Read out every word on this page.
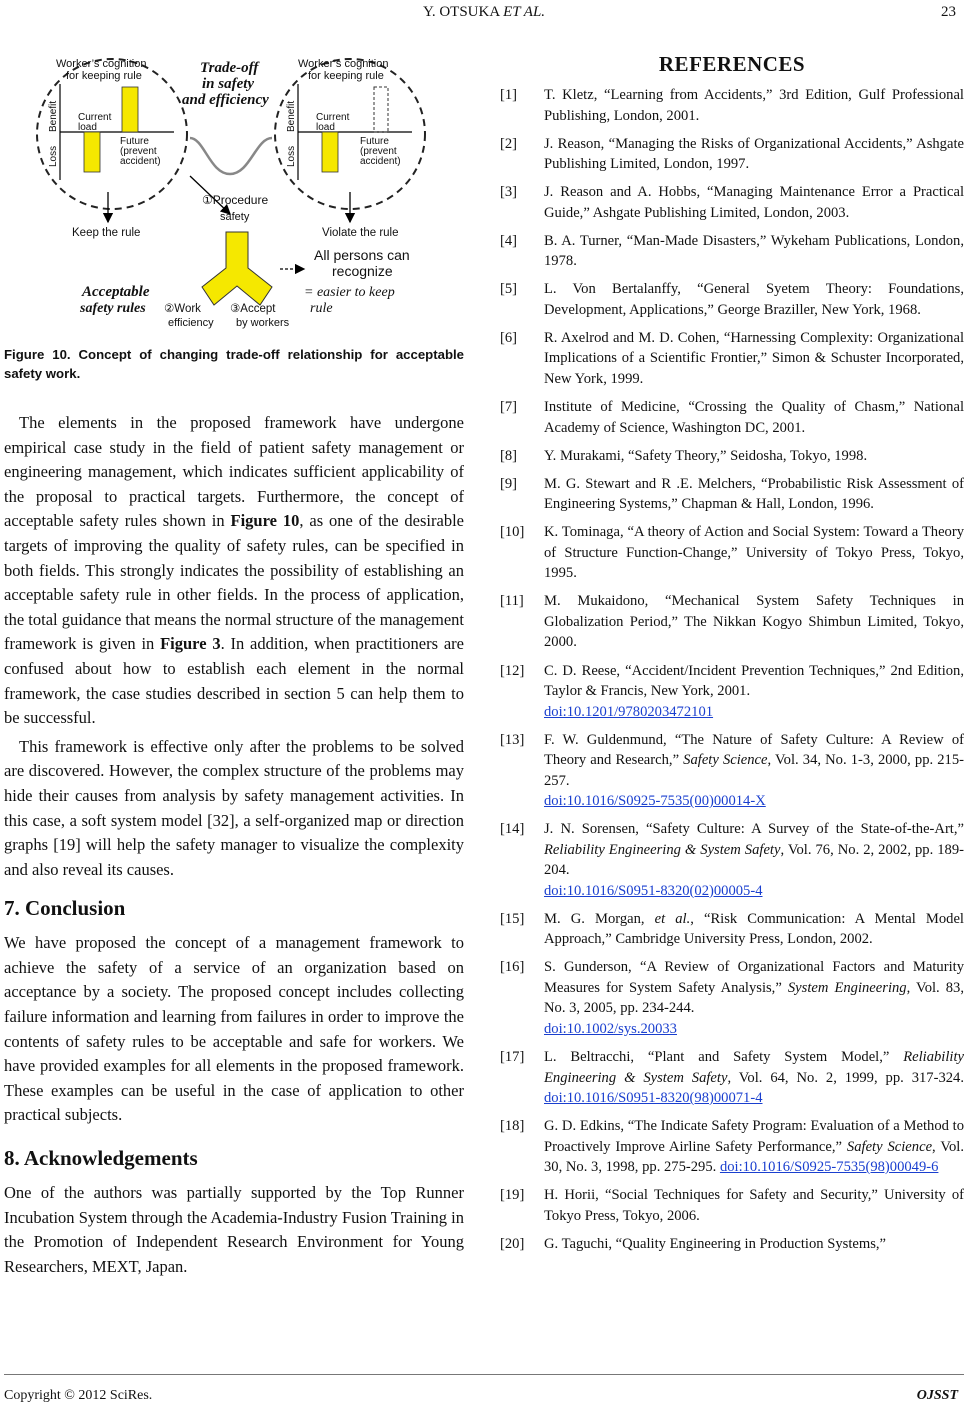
Y. OTSUKA ET AL.	23
Worker’s cognition
for keeping rule
Worker’s cognition
for keeping rule
Benefit
Loss
Benefit
Loss
Current
load
Future
(prevent
accident)
Current
load
Future
(prevent
accident)
Keep the rule	Violate the rule
①Procedure
safety
②Work
efficiency
③Accept
by workers
All persons can
recognize
Trade-off
in safety
and efficiency
Acceptable
safety rules
= easier to keep
rule
Figure 10. Concept of changing trade-off relationship for acceptable safety work.

The elements in the proposed framework have undergone empirical case study in the field of patient safety management or engineering management, which indicates sufficient applicability of the proposal to practical targets. Furthermore, the concept of acceptable safety rules shown in Figure 10, as one of the desirable targets of improving the quality of safety rules, can be specified in both fields. This strongly indicates the possibility of establishing an acceptable safety rule in other fields. In the process of application, the total guidance that means the normal structure of the management framework is given in Figure 3. In addition, when practitioners are confused about how to establish each element in the normal framework, the case studies described in section 5 can help them to be successful.

This framework is effective only after the problems to be solved are discovered. However, the complex structure of the problems may hide their causes from analysis by safety management activities. In this case, a soft system model [32], a self-organized map or direction graphs [19] will help the safety manager to visualize the complexity and also reveal its causes.

7. Conclusion

We have proposed the concept of a management framework to achieve the safety of a service of an organization based on acceptance by a society. The proposed concept includes collecting failure information and learning from failures in order to improve the contents of safety rules to be acceptable and safe for workers. We have provided examples for all elements in the proposed framework. These examples can be useful in the case of application to other practical subjects.

8. Acknowledgements

One of the authors was partially supported by the Top Runner Incubation System through the Academia-Industry Fusion Training in the Promotion of Independent Research Environment for Young Researchers, MEXT, Japan.

REFERENCES
[1] T. Kletz, “Learning from Accidents,” 3rd Edition, Gulf Professional Publishing, London, 2001.
[2] J. Reason, “Managing the Risks of Organizational Accidents,” Ashgate Publishing Limited, London, 1997.
[3] J. Reason and A. Hobbs, “Managing Maintenance Error a Practical Guide,” Ashgate Publishing Limited, London, 2003.
[4] B. A. Turner, “Man-Made Disasters,” Wykeham Publications, London, 1978.
[5] L. Von Bertalanffy, “General Syetem Theory: Foundations, Development, Applications,” George Braziller, New York, 1968.
[6] R. Axelrod and M. D. Cohen, “Harnessing Complexity: Organizational Implications of a Scientific Frontier,” Simon & Schuster Incorporated, New York, 1999.
[7] Institute of Medicine, “Crossing the Quality of Chasm,” National Academy of Science, Washington DC, 2001.
[8] Y. Murakami, “Safety Theory,” Seidosha, Tokyo, 1998.
[9] M. G. Stewart and R .E. Melchers, “Probabilistic Risk Assessment of Engineering Systems,” Chapman & Hall, London, 1996.
[10] K. Tominaga, “A theory of Action and Social System: Toward a Theory of Structure Function-Change,” University of Tokyo Press, Tokyo, 1995.
[11] M. Mukaidono, “Mechanical System Safety Techniques in Globalization Period,” The Nikkan Kogyo Shimbun Limited, Tokyo, 2000.
[12] C. D. Reese, “Accident/Incident Prevention Techniques,” 2nd Edition, Taylor & Francis, New York, 2001.
doi:10.1201/9780203472101
[13] F. W. Guldenmund, “The Nature of Safety Culture: A Review of Theory and Research,” Safety Science, Vol. 34, No. 1-3, 2000, pp. 215-257.
doi:10.1016/S0925-7535(00)00014-X
[14] J. N. Sorensen, “Safety Culture: A Survey of the State-of-the-Art,” Reliability Engineering & System Safety, Vol. 76, No. 2, 2002, pp. 189-204.
doi:10.1016/S0951-8320(02)00005-4
[15] M. G. Morgan, et al., “Risk Communication: A Mental Model Approach,” Cambridge University Press, London, 2002.
[16] S. Gunderson, “A Review of Organizational Factors and Maturity Measures for System Safety Analysis,” System Engineering, Vol. 83, No. 3, 2005, pp. 234-244.
doi:10.1002/sys.20033
[17] L. Beltracchi, “Plant and Safety System Model,” Reliability Engineering & System Safety, Vol. 64, No. 2, 1999, pp. 317-324. doi:10.1016/S0951-8320(98)00071-4
[18] G. D. Edkins, “The Indicate Safety Program: Evaluation of a Method to Proactively Improve Airline Safety Performance,” Safety Science, Vol. 30, No. 3, 1998, pp. 275-295. doi:10.1016/S0925-7535(98)00049-6
[19] H. Horii, “Social Techniques for Safety and Security,” University of Tokyo Press, Tokyo, 2006.
[20] G. Taguchi, “Quality Engineering in Production Systems,”
Copyright © 2012 SciRes.	OJSST
